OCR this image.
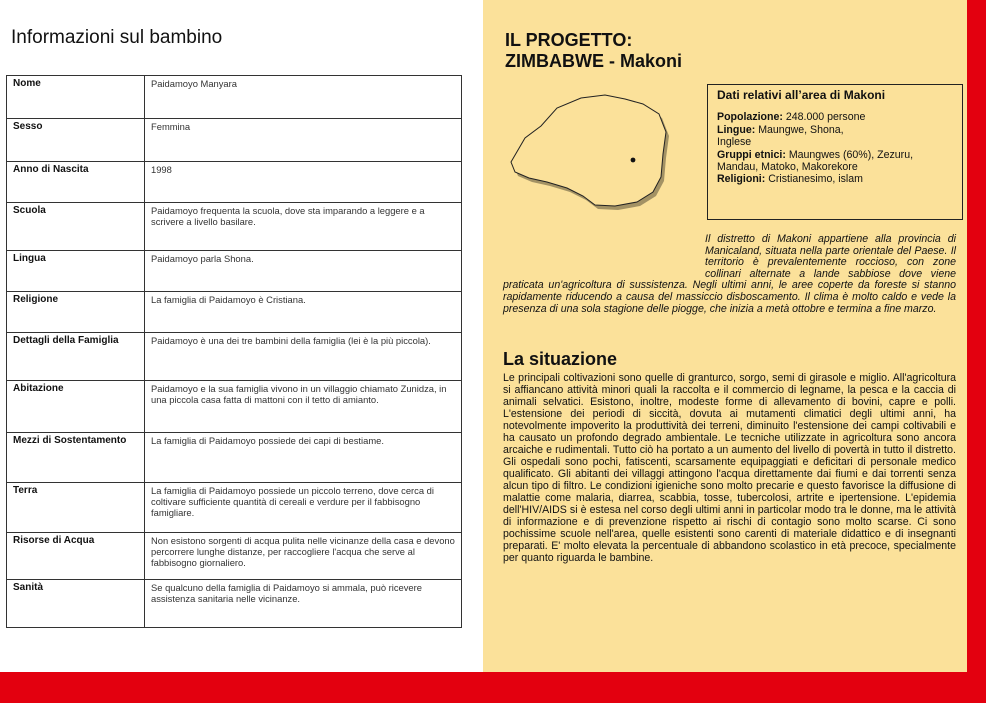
Informazioni sul bambino
Nome	Paidamoyo Manyara
Sesso	Femmina
Anno di Nascita	1998
Scuola	Paidamoyo frequenta la scuola, dove sta imparando a leggere e a scrivere a livello basilare.
Lingua	Paidamoyo parla Shona.
Religione	La famiglia di Paidamoyo è Cristiana.
Dettagli della Famiglia	Paidamoyo è una dei tre bambini della famiglia (lei è la più piccola).
Abitazione	Paidamoyo e la sua famiglia vivono in un villaggio chiamato Zunidza, in una piccola casa fatta di mattoni con il tetto di amianto.
Mezzi di Sostentamento	La famiglia di Paidamoyo possiede dei capi di bestiame.
Terra	La famiglia di Paidamoyo possiede un piccolo terreno, dove cerca di coltivare sufficiente quantità di cereali e verdure per il fabbisogno famigliare.
Risorse di Acqua	Non esistono sorgenti di acqua pulita nelle vicinanze della casa e devono percorrere lunghe distanze, per raccogliere l'acqua che serve al fabbisogno giornaliero.
Sanità	Se qualcuno della famiglia di Paidamoyo si ammala, può ricevere assistenza sanitaria nelle vicinanze.
IL PROGETTO:
ZIMBABWE - Makoni
Dati relativi all’area di Makoni
Popolazione: 248.000 persone
Lingue: Maungwe, Shona, Inglese
Gruppi etnici: Maungwes (60%), Zezuru, Mandau, Matoko, Makorekore
Religioni: Cristianesimo, islam
Il distretto di Makoni appartiene alla provincia di Manicaland, situata nella parte orientale del Paese. Il territorio è prevalentemente roccioso, con zone collinari alternate a lande sabbiose dove viene praticata un'agricoltura di sussistenza. Negli ultimi anni, le aree coperte da foreste si stanno rapidamente riducendo a causa del massiccio disboscamento. Il clima è molto caldo e vede la presenza di una sola stagione delle piogge, che inizia a metà ottobre e termina a fine marzo.
La situazione
Le principali coltivazioni sono quelle di granturco, sorgo, semi di girasole e miglio. All'agricoltura si affiancano attività minori quali la raccolta e il commercio di legname, la pesca e la caccia di animali selvatici. Esistono, inoltre, modeste forme di allevamento di bovini, capre e polli. L'estensione dei periodi di siccità, dovuta ai mutamenti climatici degli ultimi anni, ha notevolmente impoverito la produttività dei terreni, diminuito l'estensione dei campi coltivabili e ha causato un profondo degrado ambientale. Le tecniche utilizzate in agricoltura sono ancora arcaiche e rudimentali. Tutto ciò ha portato a un aumento del livello di povertà in tutto il distretto. Gli ospedali sono pochi, fatiscenti, scarsamente equipaggiati e deficitari di personale medico qualificato. Gli abitanti dei villaggi attingono l'acqua direttamente dai fiumi e dai torrenti senza alcun tipo di filtro. Le condizioni igieniche sono molto precarie e questo favorisce la diffusione di malattie come malaria, diarrea, scabbia, tosse, tubercolosi, artrite e ipertensione. L'epidemia dell'HIV/AIDS si è estesa nel corso degli ultimi anni in particolar modo tra le donne, ma le attività di informazione e di prevenzione rispetto ai rischi di contagio sono molto scarse. Ci sono pochissime scuole nell'area, quelle esistenti sono carenti di materiale didattico e di insegnanti preparati. E' molto elevata la percentuale di abbandono scolastico in età precoce, specialmente per quanto riguarda le bambine.
